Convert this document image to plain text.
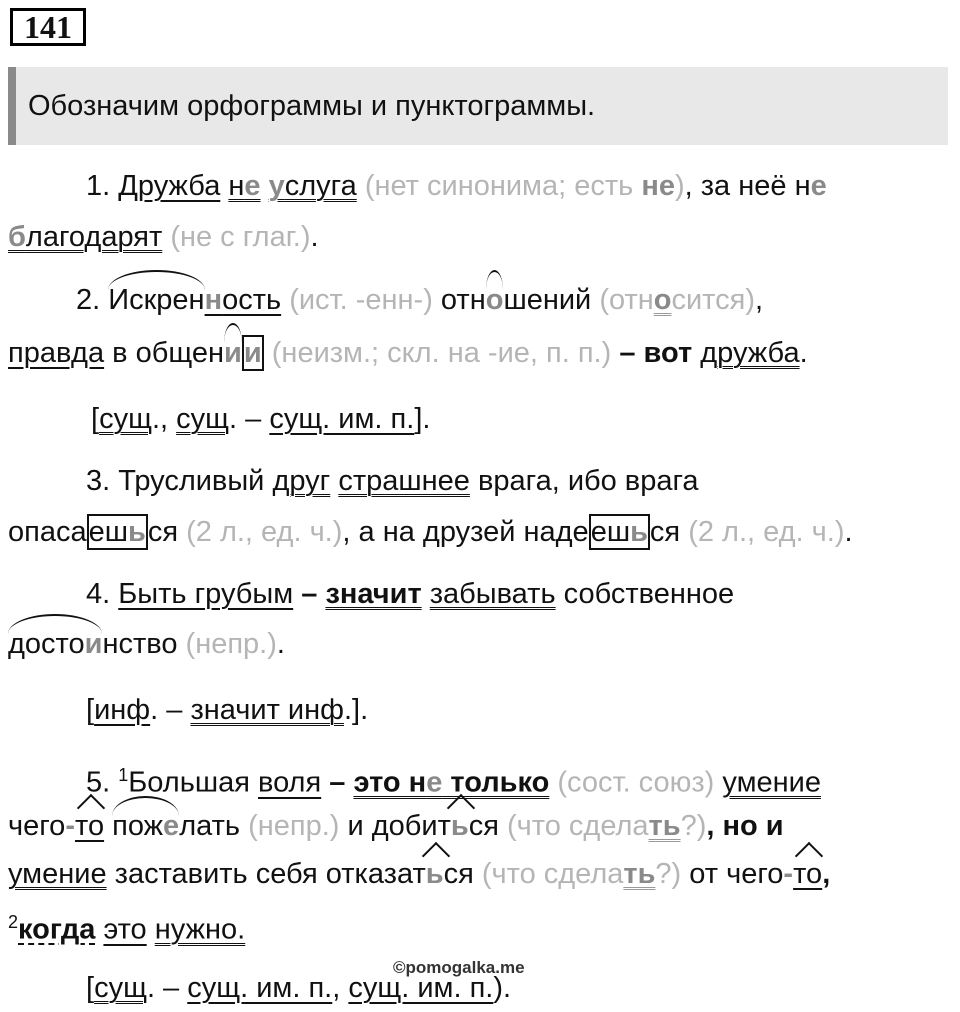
141
Обозначим орфограммы и пунктограммы.
1. Дружба не услуга (нет синонима; есть не), за неё не
благодарят (не с глаг.).
2. Искренность (ист. -енн-) отношений (относится),
правда в общении (неизм.; скл. на -ие, п. п.) – вот дружба.
[сущ., сущ. – сущ. им. п.].
3. Трусливый друг страшнее врага, ибо врага
опасаешься (2 л., ед. ч.), а на друзей надеешься (2 л., ед. ч.).
4. Быть грубым – значит забывать собственное
достоинство (непр.).
[инф. – значит инф.].
5. $^1$Большая воля – это не только (сост. союз) умение
чего-то пожелать (непр.) и добиться (что сделать?), но и
умение заставить себя отказаться (что сделать?) от чего-то,
$^2$когда это нужно.
[сущ. – сущ. им. п., сущ. им. п.).
©pomogalka.me
